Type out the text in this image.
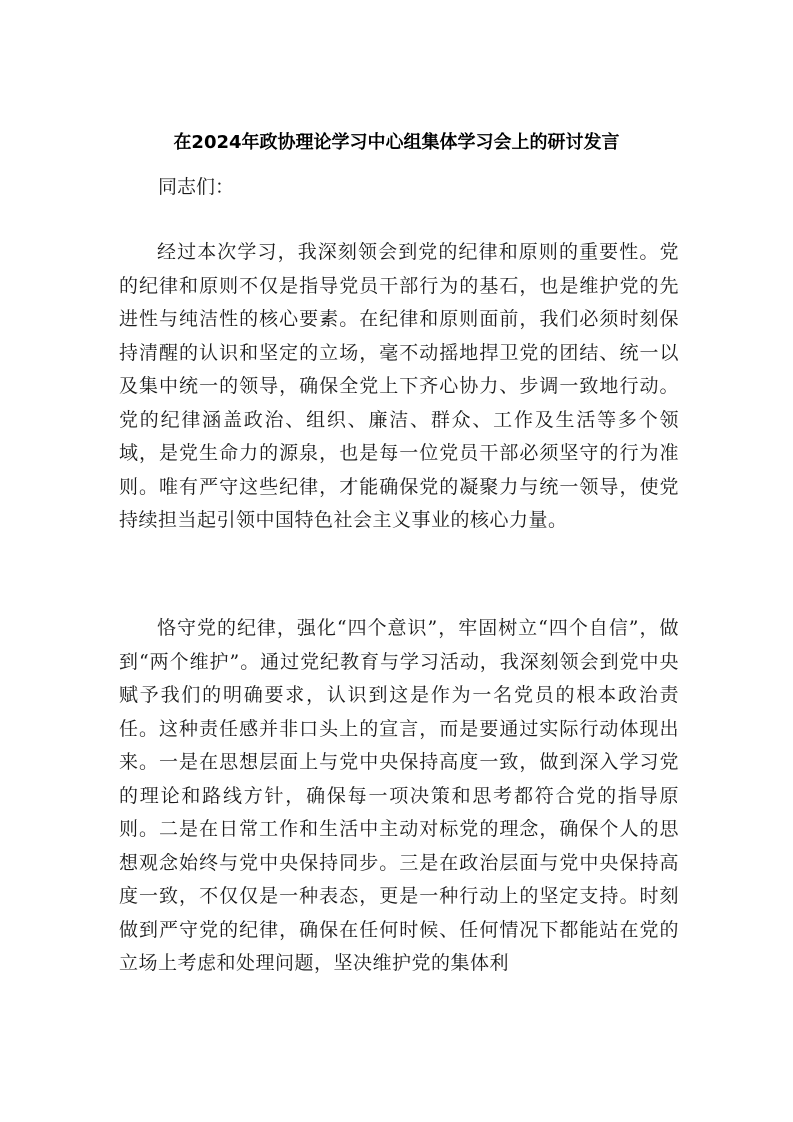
在2024年政协理论学习中心组集体学习会上的研讨发言

同志们：

经过本次学习，我深刻领会到党的纪律和原则的重要性。党的纪律和原则不仅是指导党员干部行为的基石，也是维护党的先进性与纯洁性的核心要素。在纪律和原则面前，我们必须时刻保持清醒的认识和坚定的立场，毫不动摇地捍卫党的团结、统一以及集中统一的领导，确保全党上下齐心协力、步调一致地行动。党的纪律涵盖政治、组织、廉洁、群众、工作及生活等多个领域，是党生命力的源泉，也是每一位党员干部必须坚守的行为准则。唯有严守这些纪律，才能确保党的凝聚力与统一领导，使党持续担当起引领中国特色社会主义事业的核心力量。

恪守党的纪律，强化“四个意识”，牢固树立“四个自信”，做到“两个维护”。通过党纪教育与学习活动，我深刻领会到党中央赋予我们的明确要求，认识到这是作为一名党员的根本政治责任。这种责任感并非口头上的宣言，而是要通过实际行动体现出来。一是在思想层面上与党中央保持高度一致，做到深入学习党的理论和路线方针，确保每一项决策和思考都符合党的指导原则。二是在日常工作和生活中主动对标党的理念，确保个人的思想观念始终与党中央保持同步。三是在政治层面与党中央保持高度一致，不仅仅是一种表态，更是一种行动上的坚定支持。时刻做到严守党的纪律，确保在任何时候、任何情况下都能站在党的立场上考虑和处理问题，坚决维护党的集体利
